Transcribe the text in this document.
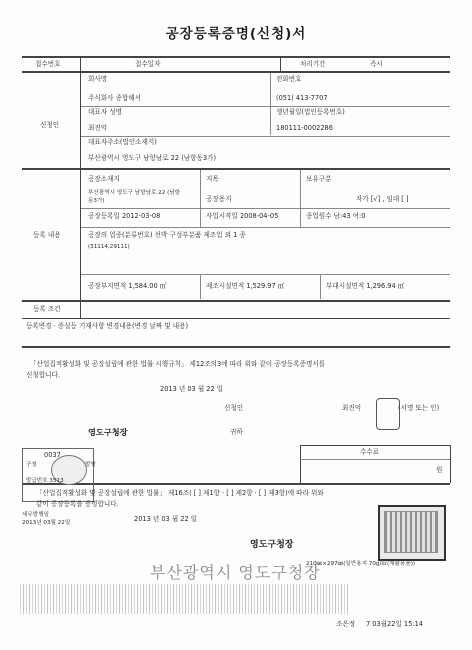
공장등록증명(신청)서
접수번호	접수일자	처리기간	즉시
신청인
회사명
주식회사 종합해서
전화번호
(051) 413-7707
대표자 성명
최진억
생년월일(법인등록번호)
180111-0002286
대표자주소(법인소재지)
부산광역시 영도구 남항남로 22 (남항동3가)
등록 내용
공장소재지
부산광역시 영도구 남항남로 22 (남항
동3가)
지목
공장용지
보유구분
자가 [√] , 임대 [ ]
공장등록일 2012-03-08	사업시작일 2008-04-05	종업원수 남:43 여:0
공장의 업종(분류번호) 선박 구성부분품 제조업 외 1 종
(31114,29111)
공장부지면적 1,584.00 ㎡	제조시설면적 1,529.97 ㎡	부대시설면적 1,296.94 ㎡
등록 조건
등록변경 · 증설등 기재사항 변경내용(변경 날짜 및 내용)
「산업집적활성화 및 공장설립에 관한 법률 시행규칙」 제12조의3에 따라 위와 같이 공장등록증명서를
신청합니다.
2013 년 03 월 22 일
신청인	최진억	(서명 또는 인)
영도구청장	귀하
수수료
원
0037
구청	발행
발급번호 3513
「산업집적활성화 및 공장설립에 관한 법률」 제16조( [ ] 제1항 · [ ] 제2항 · [ ] 제3항)에 따라 위와
같이 공장등록을 증명합니다.
세무발행일
2013년 03월 22일	2013 년 03 월 22 일
영도구청장
210㎜×297㎜(일반용지 70g/㎡(재활용품))
부산광역시 영도구청장
조은정 7 03월22일 15:14
